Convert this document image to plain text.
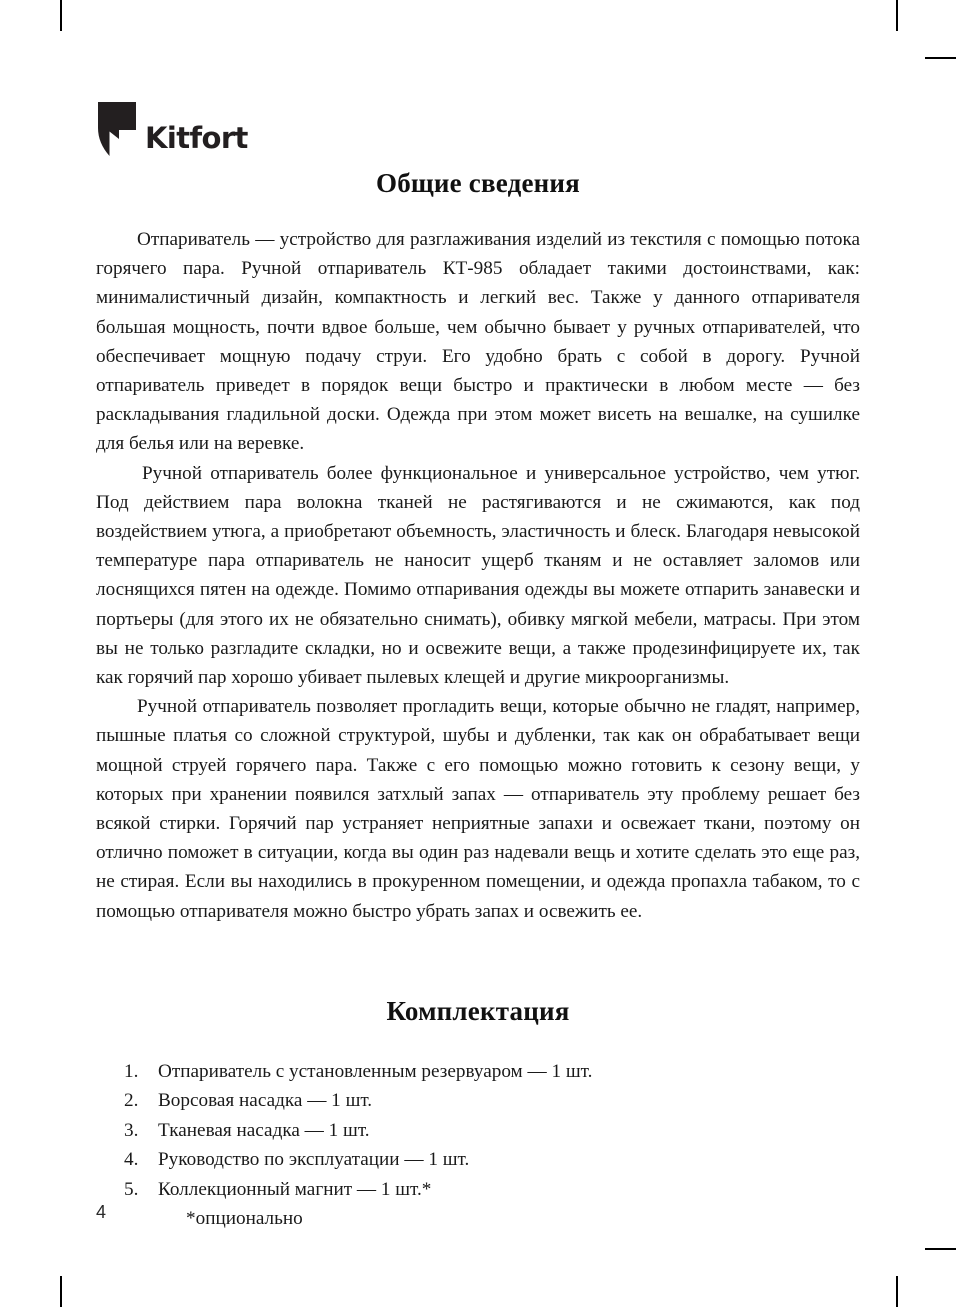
Kitfort
Общие сведения

Отпариватель — устройство для разглаживания изделий из текстиля с помощью потока горячего пара. Ручной отпариватель КТ-985 обладает такими достоинствами, как: минималистичный дизайн, компактность и легкий вес. Также у данного отпаривателя большая мощность, почти вдвое больше, чем обычно бывает у ручных отпаривателей, что обеспечивает мощную подачу струи. Его удобно брать с собой в дорогу. Ручной отпариватель приведет в порядок вещи быстро и практически в любом месте — без раскладывания гладильной доски. Одежда при этом может висеть на вешалке, на сушилке для белья или на веревке.

Ручной отпариватель более функциональное и универсальное устройство, чем утюг. Под действием пара волокна тканей не растягиваются и не сжимаются, как под воздействием утюга, а приобретают объемность, эластичность и блеск. Благодаря невысокой температуре пара отпариватель не наносит ущерб тканям и не оставляет заломов или лоснящихся пятен на одежде. Помимо отпаривания одежды вы можете отпарить занавески и портьеры (для этого их не обязательно снимать), обивку мягкой мебели, матрасы. При этом вы не только разгладите складки, но и освежите вещи, а также продезинфицируете их, так как горячий пар хорошо убивает пылевых клещей и другие микроорганизмы.

Ручной отпариватель позволяет прогладить вещи, которые обычно не гладят, например, пышные платья со сложной структурой, шубы и дубленки, так как он обрабатывает вещи мощной струей горячего пара. Также с его помощью можно готовить к сезону вещи, у которых при хранении появился затхлый запах — отпариватель эту проблему решает без всякой стирки. Горячий пар устраняет неприятные запахи и освежает ткани, поэтому он отлично поможет в ситуации, когда вы один раз надевали вещь и хотите сделать это еще раз, не стирая. Если вы находились в прокуренном помещении, и одежда пропахла табаком, то с помощью отпаривателя можно быстро убрать запах и освежить ее.

Комплектация
1.	Отпариватель с установленным резервуаром — 1 шт.
2.	Ворсовая насадка — 1 шт.
3.	Тканевая насадка — 1 шт.
4.	Руководство по эксплуатации — 1 шт.
5.	Коллекционный магнит — 1 шт.*
*опционально
4
